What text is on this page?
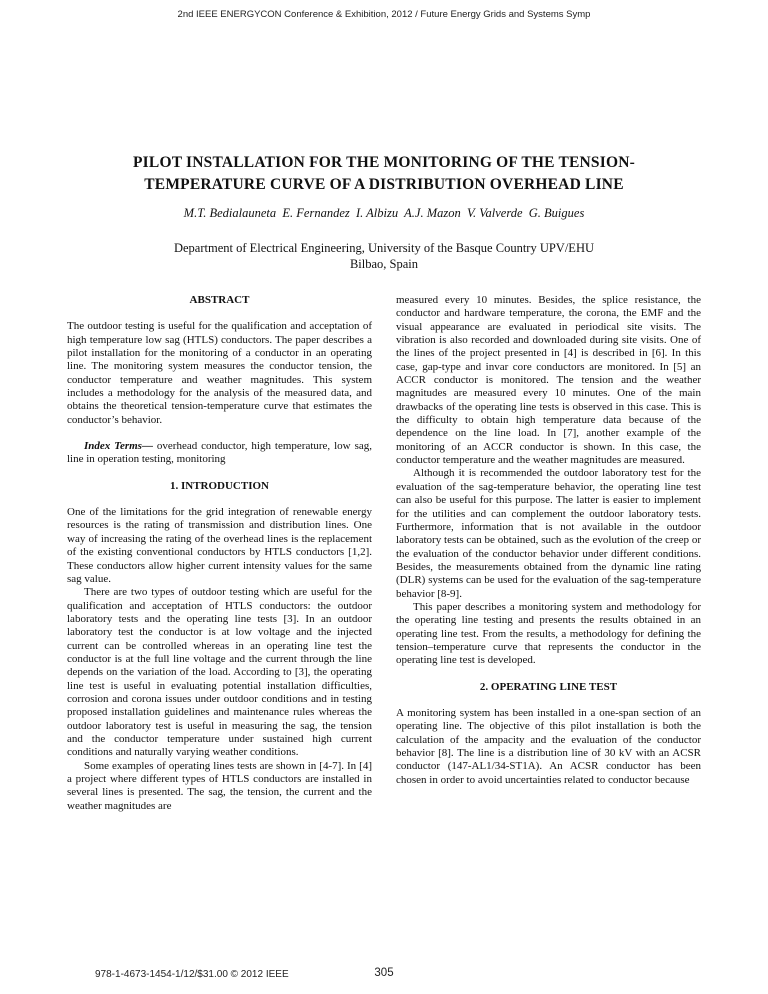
2nd IEEE ENERGYCON Conference & Exhibition, 2012 / Future Energy Grids and Systems Symp
PILOT INSTALLATION FOR THE MONITORING OF THE TENSION-
TEMPERATURE CURVE OF A DISTRIBUTION OVERHEAD LINE
M.T. Bedialauneta  E. Fernandez  I. Albizu  A.J. Mazon  V. Valverde  G. Buigues
Department of Electrical Engineering, University of the Basque Country UPV/EHU
Bilbao, Spain
ABSTRACT

The outdoor testing is useful for the qualification and acceptation of high temperature low sag (HTLS) conductors. The paper describes a pilot installation for the monitoring of a conductor in an operating line. The monitoring system measures the conductor tension, the conductor temperature and weather magnitudes. This system includes a methodology for the analysis of the measured data, and obtains the theoretical tension-temperature curve that estimates the conductor’s behavior.

Index Terms— overhead conductor, high temperature, low sag, line in operation testing, monitoring

1. INTRODUCTION

One of the limitations for the grid integration of renewable energy resources is the rating of transmission and distribution lines. One way of increasing the rating of the overhead lines is the replacement of the existing conventional conductors by HTLS conductors [1,2]. These conductors allow higher current intensity values for the same sag value.

There are two types of outdoor testing which are useful for the qualification and acceptation of HTLS conductors: the outdoor laboratory tests and the operating line tests [3]. In an outdoor laboratory test the conductor is at low voltage and the injected current can be controlled whereas in an operating line test the conductor is at the full line voltage and the current through the line depends on the variation of the load. According to [3], the operating line test is useful in evaluating potential installation difficulties, corrosion and corona issues under outdoor conditions and in testing proposed installation guidelines and maintenance rules whereas the outdoor laboratory test is useful in measuring the sag, the tension and the conductor temperature under sustained high current conditions and naturally varying weather conditions.

Some examples of operating lines tests are shown in [4-7]. In [4] a project where different types of HTLS conductors are installed in several lines is presented. The sag, the tension, the current and the weather magnitudes are

measured every 10 minutes. Besides, the splice resistance, the conductor and hardware temperature, the corona, the EMF and the visual appearance are evaluated in periodical site visits. The vibration is also recorded and downloaded during site visits. One of the lines of the project presented in [4] is described in [6]. In this case, gap-type and invar core conductors are monitored. In [5] an ACCR conductor is monitored. The tension and the weather magnitudes are measured every 10 minutes. One of the main drawbacks of the operating line tests is observed in this case. This is the difficulty to obtain high temperature data because of the dependence on the line load. In [7], another example of the monitoring of an ACCR conductor is shown. In this case, the conductor temperature and the weather magnitudes are measured.

Although it is recommended the outdoor laboratory test for the evaluation of the sag-temperature behavior, the operating line test can also be useful for this purpose. The latter is easier to implement for the utilities and can complement the outdoor laboratory tests. Furthermore, information that is not available in the outdoor laboratory tests can be obtained, such as the evolution of the creep or the evaluation of the conductor behavior under different conditions. Besides, the measurements obtained from the dynamic line rating (DLR) systems can be used for the evaluation of the sag-temperature behavior [8-9].

This paper describes a monitoring system and methodology for the operating line testing and presents the results obtained in an operating line test. From the results, a methodology for defining the tension–temperature curve that represents the conductor in the operating line test is developed.

2. OPERATING LINE TEST

A monitoring system has been installed in a one-span section of an operating line. The objective of this pilot installation is both the calculation of the ampacity and the evaluation of the conductor behavior [8]. The line is a distribution line of 30 kV with an ACSR conductor (147-AL1/34-ST1A). An ACSR conductor has been chosen in order to avoid uncertainties related to conductor because

978-1-4673-1454-1/12/$31.00 © 2012 IEEE	305
